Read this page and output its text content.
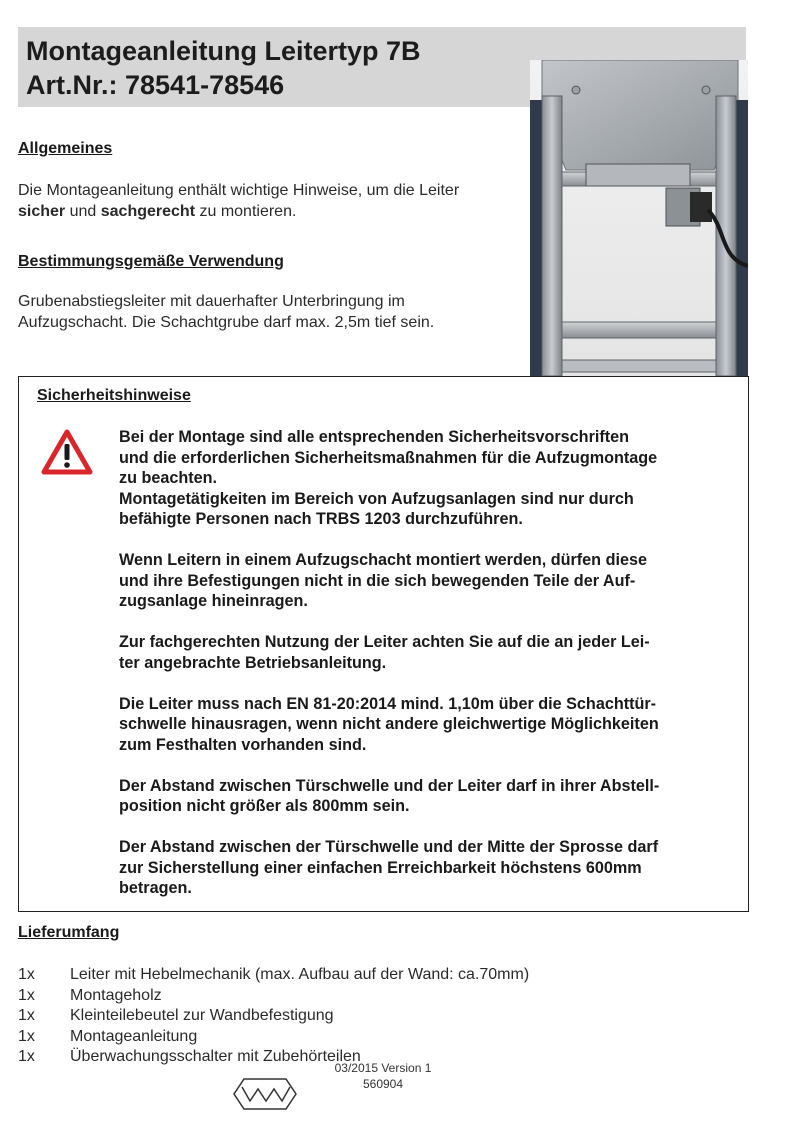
Montageanleitung Leitertyp 7B
Art.Nr.: 78541-78546
Allgemeines
Die Montageanleitung enthält wichtige Hinweise, um die Leiter
sicher und sachgerecht zu montieren.
Bestimmungsgemäße Verwendung
Grubenabstiegsleiter mit dauerhafter Unterbringung im
Aufzugschacht. Die Schachtgrube darf max. 2,5m tief sein.
Sicherheitshinweise

Bei der Montage sind alle entsprechenden Sicherheitsvorschriften
und die erforderlichen Sicherheitsmaßnahmen für die Aufzugmontage
zu beachten.
Montagetätigkeiten im Bereich von Aufzugsanlagen sind nur durch
befähigte Personen nach TRBS 1203 durchzuführen.

Wenn Leitern in einem Aufzugschacht montiert werden, dürfen diese
und ihre Befestigungen nicht in die sich bewegenden Teile der Auf-
zugsanlage hineinragen.

Zur fachgerechten Nutzung der Leiter achten Sie auf die an jeder Lei-
ter angebrachte Betriebsanleitung.

Die Leiter muss nach EN 81-20:2014 mind. 1,10m über die Schachttür-
schwelle hinausragen, wenn nicht andere gleichwertige Möglichkeiten
zum Festhalten vorhanden sind.

Der Abstand zwischen Türschwelle und der Leiter darf in ihrer Abstell-
position nicht größer als 800mm sein.

Der Abstand zwischen der Türschwelle und der Mitte der Sprosse darf
zur Sicherstellung einer einfachen Erreichbarkeit höchstens 600mm
betragen.

Lieferumfang
1x	Leiter mit Hebelmechanik (max. Aufbau auf der Wand: ca.70mm)
1x	Montageholz
1x	Kleinteilebeutel zur Wandbefestigung
1x	Montageanleitung
1x	Überwachungsschalter mit Zubehörteilen
03/2015 Version 1
560904
